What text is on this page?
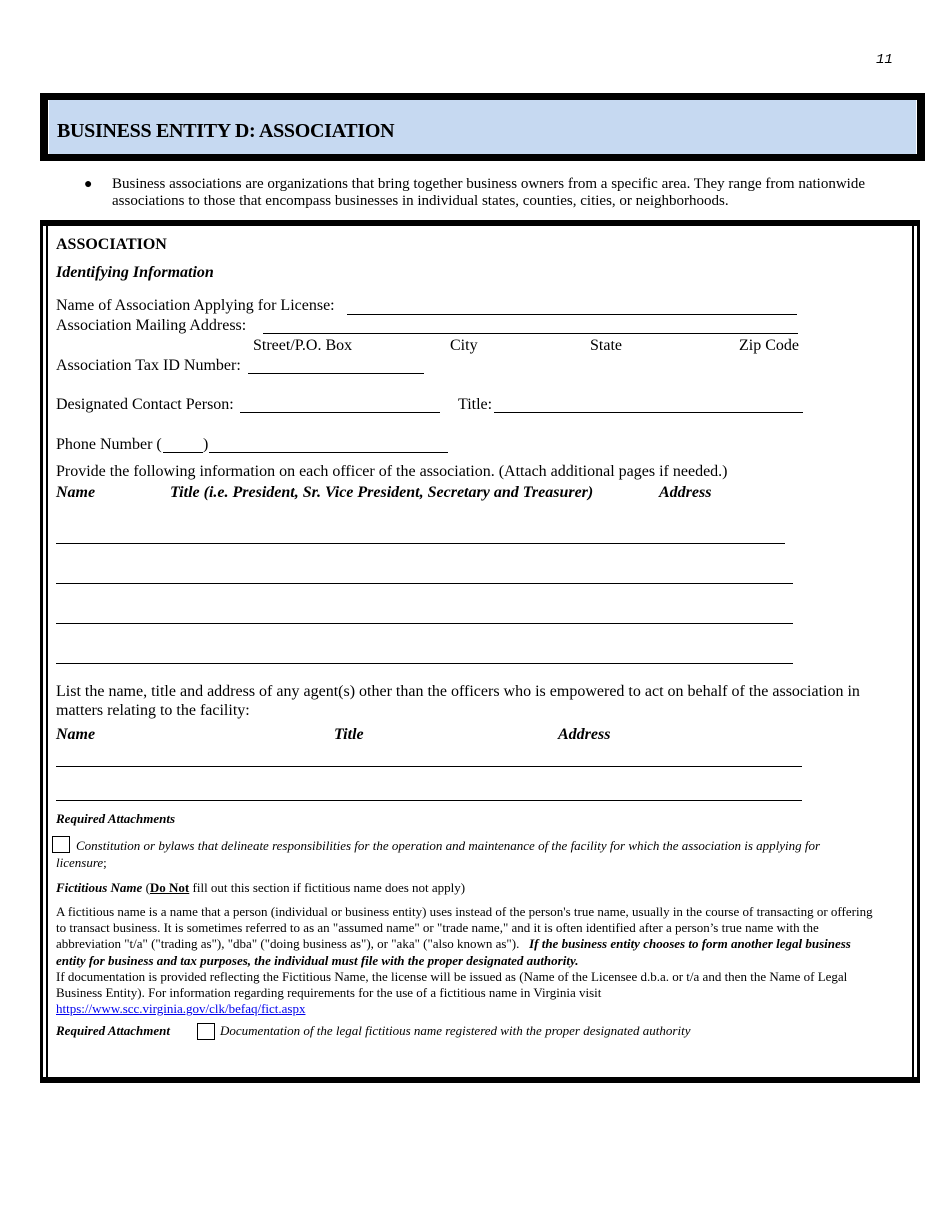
11
BUSINESS ENTITY D: ASSOCIATION
● Business associations are organizations that bring together business owners from a specific area. They range from nationwide associations to those that encompass businesses in individual states, counties, cities, or neighborhoods.
ASSOCIATION
Identifying Information
Name of Association Applying for License:
Association Mailing Address:
Street/P.O. Box	City	State	Zip Code
Association Tax ID Number:
Designated Contact Person:	Title:
Phone Number (	)
Provide the following information on each officer of the association. (Attach additional pages if needed.)
Name	Title (i.e. President, Sr. Vice President, Secretary and Treasurer)	Address
List the name, title and address of any agent(s) other than the officers who is empowered to act on behalf of the association in matters relating to the facility:
Name	Title	Address
Required Attachments
Constitution or bylaws that delineate responsibilities for the operation and maintenance of the facility for which the association is applying for
licensure;
Fictitious Name (Do Not fill out this section if fictitious name does not apply)
A fictitious name is a name that a person (individual or business entity) uses instead of the person's true name, usually in the course of transacting or offering to transact business. It is sometimes referred to as an "assumed name" or "trade name," and it is often identified after a person’s true name with the abbreviation "t/a" ("trading as"), "dba" ("doing business as"), or "aka" ("also known as"). If the business entity chooses to form another legal business entity for business and tax purposes, the individual must file with the proper designated authority.
If documentation is provided reflecting the Fictitious Name, the license will be issued as (Name of the Licensee d.b.a. or t/a and then the Name of Legal Business Entity). For information regarding requirements for the use of a fictitious name in Virginia visit
https://www.scc.virginia.gov/clk/befaq/fict.aspx
Required Attachment	Documentation of the legal fictitious name registered with the proper designated authority
